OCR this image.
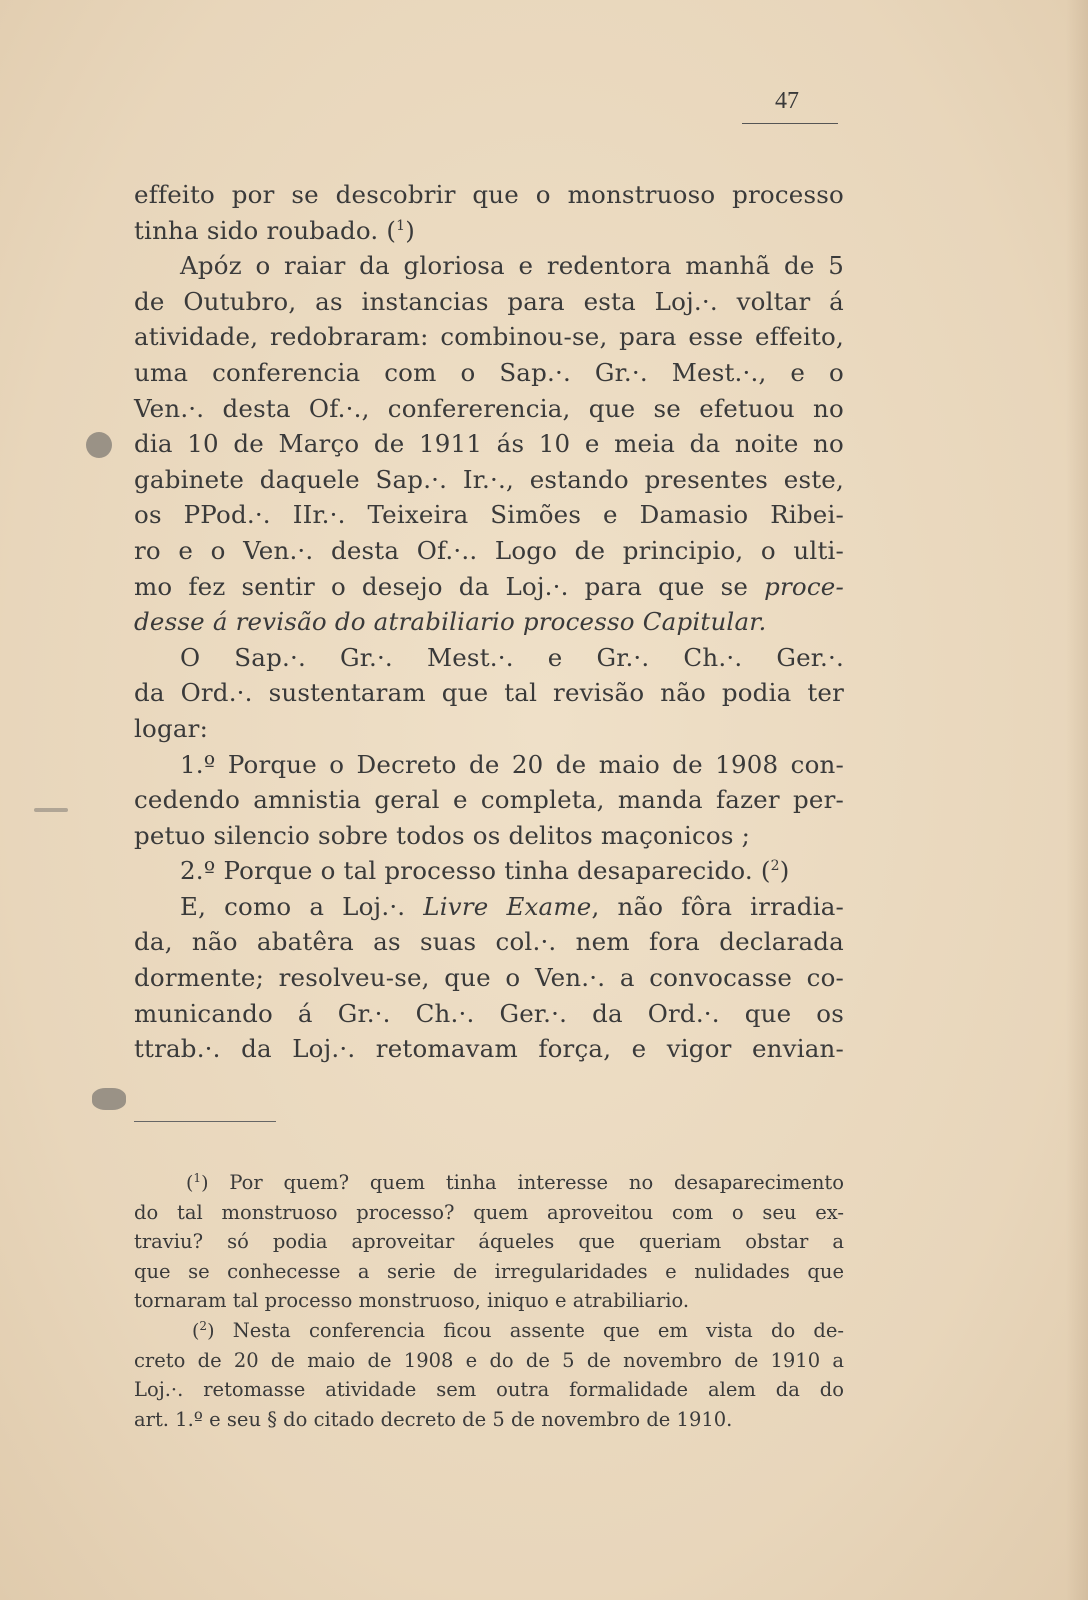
47
effeito por se descobrir que o monstruoso processo
tinha sido roubado. ($^1$)
Apóz o raiar da gloriosa e redentora manhã de 5
de Outubro, as instancias para esta Loj.·. voltar á
atividade, redobraram: combinou-se, para esse effeito,
uma conferencia com o Sap.·. Gr.·. Mest.·., e o
Ven.·. desta Of.·., confererencia, que se efetuou no
dia 10 de Março de 1911 ás 10 e meia da noite no
gabinete daquele Sap.·. Ir.·., estando presentes este,
os PPod.·. IIr.·. Teixeira Simões e Damasio Ribei-
ro e o Ven.·. desta Of.·.. Logo de principio, o ulti-
mo fez sentir o desejo da Loj.·. para que se proce-
desse á revisão do atrabiliario processo Capitular.
O Sap.·. Gr.·. Mest.·. e Gr.·. Ch.·. Ger.·.
da Ord.·. sustentaram que tal revisão não podia ter
logar:
1.º Porque o Decreto de 20 de maio de 1908 con-
cedendo amnistia geral e completa, manda fazer per-
petuo silencio sobre todos os delitos maçonicos ;
2.º Porque o tal processo tinha desaparecido. ($^2$)
E, como a Loj.·. Livre Exame, não fôra irradia-
da, não abatêra as suas col.·. nem fora declarada
dormente; resolveu-se, que o Ven.·. a convocasse co-
municando á Gr.·. Ch.·. Ger.·. da Ord.·. que os
ttrab.·. da Loj.·. retomavam força, e vigor envian-
($^1$) Por quem? quem tinha interesse no desaparecimento
do tal monstruoso processo? quem aproveitou com o seu ex-
traviu? só podia aproveitar áqueles que queriam obstar a
que se conhecesse a serie de irregularidades e nulidades que
tornaram tal processo monstruoso, iniquo e atrabiliario.
($^2$) Nesta conferencia ficou assente que em vista do de-
creto de 20 de maio de 1908 e do de 5 de novembro de 1910 a
Loj.·. retomasse atividade sem outra formalidade alem da do
art. 1.º e seu § do citado decreto de 5 de novembro de 1910.
